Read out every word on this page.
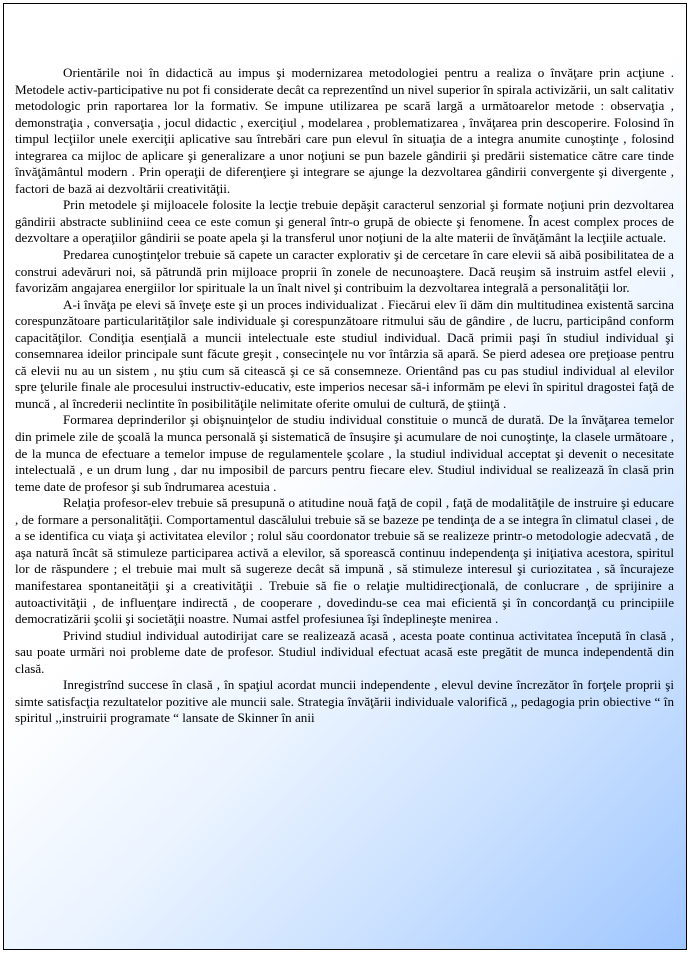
Orientările noi în didactică au impus şi modernizarea metodologiei pentru a realiza o învăţare prin acţiune . Metodele activ-participative nu pot fi considerate decât ca reprezentînd un nivel superior în spirala activizării, un salt calitativ metodologic prin raportarea lor la formativ. Se impune utilizarea pe scară largă a următoarelor metode : observaţia , demonstraţia , conversaţia , jocul didactic , exerciţiul , modelarea , problematizarea , învăţarea prin descoperire. Folosind în timpul lecţiilor unele exerciţii aplicative sau întrebări care pun elevul în situaţia de a integra anumite cunoştinţe , folosind integrarea ca mijloc de aplicare şi generalizare a unor noţiuni se pun bazele gândirii şi predării sistematice către care tinde învăţământul modern . Prin operaţii de diferenţiere şi integrare se ajunge la dezvoltarea gândirii convergente şi divergente , factori de bază ai dezvoltării creativităţii.

Prin metodele şi mijloacele folosite la lecţie trebuie depăşit caracterul senzorial şi formate noţiuni prin dezvoltarea gândirii abstracte subliniind ceea ce este comun şi general într-o grupă de obiecte şi fenomene. În acest complex proces de dezvoltare a operaţiilor gândirii se poate apela şi la transferul unor noţiuni de la alte materii de învăţământ la lecţiile actuale.

Predarea cunoştinţelor trebuie să capete un caracter explorativ şi de cercetare în care elevii să aibă posibilitatea de a construi adevăruri noi, să pătrundă prin mijloace proprii în zonele de necunoaştere. Dacă reuşim să instruim astfel elevii , favorizăm angajarea energiilor lor spirituale la un înalt nivel şi contribuim la dezvoltarea integrală a personalităţii lor.

A-i învăţa pe elevi să înveţe este şi un proces individualizat . Fiecărui elev îi dăm din multitudinea existentă sarcina corespunzătoare particularităţilor sale individuale şi corespunzătoare ritmului său de gândire , de lucru, participând conform capacităţilor. Condiţia esenţială a muncii intelectuale este studiul individual. Dacă primii paşi în studiul individual şi consemnarea ideilor principale sunt făcute greşit , consecinţele nu vor întârzia să apară. Se pierd adesea ore preţioase pentru că elevii nu au un sistem , nu ştiu cum să citească şi ce să consemneze. Orientând pas cu pas studiul individual al elevilor spre ţelurile finale ale procesului instructiv-educativ, este imperios necesar să-i informăm pe elevi în spiritul dragostei faţă de muncă , al încrederii neclintite în posibilităţile nelimitate oferite omului de cultură, de ştiinţă .

Formarea deprinderilor şi obişnuinţelor de studiu individual constituie o muncă de durată. De la învăţarea temelor din primele zile de şcoală la munca personală şi sistematică de însuşire şi acumulare de noi cunoştinţe, la clasele următoare , de la munca de efectuare a temelor impuse de regulamentele şcolare , la studiul individual acceptat şi devenit o necesitate intelectuală , e un drum lung , dar nu imposibil de parcurs pentru fiecare elev. Studiul individual se realizează în clasă prin teme date de profesor şi sub îndrumarea acestuia .

Relaţia profesor-elev trebuie să presupună o atitudine nouă faţă de copil , faţă de modalităţile de instruire şi educare , de formare a personalităţii. Comportamentul dascălului trebuie să se bazeze pe tendinţa de a se integra în climatul clasei , de a se identifica cu viaţa şi activitatea elevilor ; rolul său coordonator trebuie să se realizeze printr-o metodologie adecvată , de aşa natură încât să stimuleze participarea activă a elevilor, să sporească continuu independenţa şi iniţiativa acestora, spiritul lor de răspundere ; el trebuie mai mult să sugereze decât să impună , să stimuleze interesul şi curiozitatea , să încurajeze manifestarea spontaneităţii şi a creativităţii . Trebuie să fie o relaţie multidirecţională, de conlucrare , de sprijinire a autoactivităţii , de influenţare indirectă , de cooperare , dovedindu-se cea mai eficientă şi în concordanţă cu principiile democratizării şcolii şi societăţii noastre. Numai astfel profesiunea îşi îndeplineşte menirea .

Privind studiul individual autodirijat care se realizează acasă , acesta poate continua activitatea începută în clasă , sau poate urmări noi probleme date de profesor. Studiul individual efectuat acasă este pregătit de munca independentă din clasă.

Inregistrînd succese în clasă , în spaţiul acordat muncii independente , elevul devine încrezător în forţele proprii şi simte satisfacţia rezultatelor pozitive ale muncii sale. Strategia învăţării individuale valorifică ,, pedagogia prin obiective “ în spiritul ,,instruirii programate “ lansate de Skinner în anii
